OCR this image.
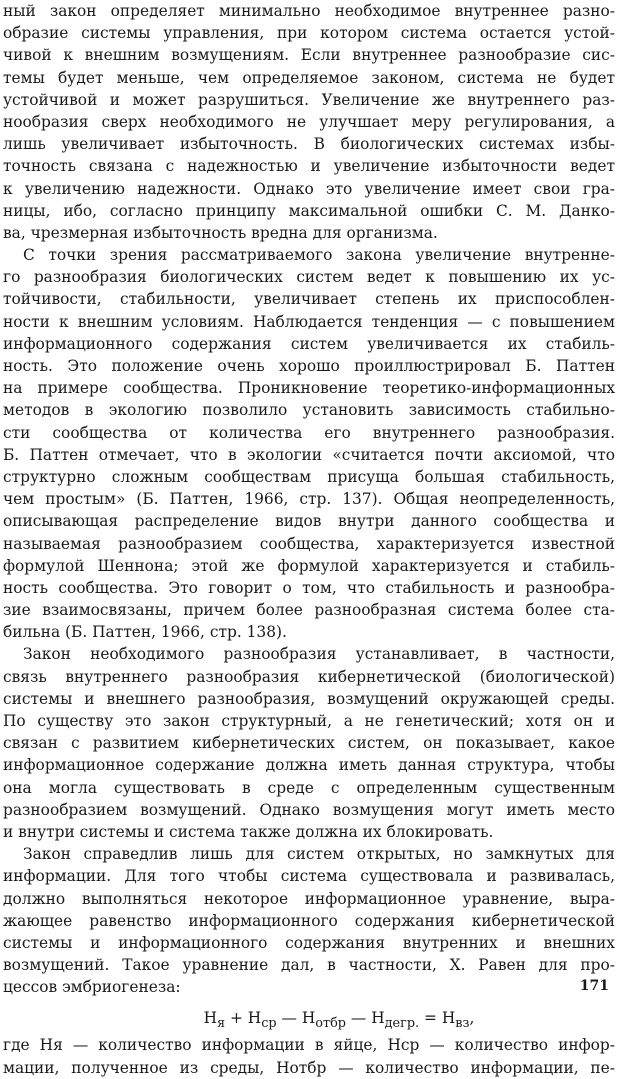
ный закон определяет минимально необходимое внутреннее разно-
образие системы управления, при котором система остается устой-
чивой к внешним возмущениям. Если внутреннее разнообразие сис-
темы будет меньше, чем определяемое законом, система не будет
устойчивой и может разрушиться. Увеличение же внутреннего раз-
нообразия сверх необходимого не улучшает меру регулирования, а
лишь увеличивает избыточность. В биологических системах избы-
точность связана с надежностью и увеличение избыточности ведет
к увеличению надежности. Однако это увеличение имеет свои гра-
ницы, ибо, согласно принципу максимальной ошибки С. М. Данко-
ва, чрезмерная избыточность вредна для организма.
С точки зрения рассматриваемого закона увеличение внутренне-
го разнообразия биологических систем ведет к повышению их ус-
тойчивости, стабильности, увеличивает степень их приспособлен-
ности к внешним условиям. Наблюдается тенденция — с повышением
информационного содержания систем увеличивается их стабиль-
ность. Это положение очень хорошо проиллюстрировал Б. Паттен
на примере сообщества. Проникновение теоретико-информационных
методов в экологию позволило установить зависимость стабильно-
сти сообщества от количества его внутреннего разнообразия.
Б. Паттен отмечает, что в экологии «считается почти аксиомой, что
структурно сложным сообществам присуща большая стабильность,
чем простым» (Б. Паттен, 1966, стр. 137). Общая неопределенность,
описывающая распределение видов внутри данного сообщества и
называемая разнообразием сообщества, характеризуется известной
формулой Шеннона; этой же формулой характеризуется и стабиль-
ность сообщества. Это говорит о том, что стабильность и разнообра-
зие взаимосвязаны, причем более разнообразная система более ста-
бильна (Б. Паттен, 1966, стр. 138).
Закон необходимого разнообразия устанавливает, в частности,
связь внутреннего разнообразия кибернетической (биологической)
системы и внешнего разнообразия, возмущений окружающей среды.
По существу это закон структурный, а не генетический; хотя он и
связан с развитием кибернетических систем, он показывает, какое
информационное содержание должна иметь данная структура, чтобы
она могла существовать в среде с определенным существенным
разнообразием возмущений. Однако возмущения могут иметь место
и внутри системы и система также должна их блокировать.
Закон справедлив лишь для систем открытых, но замкнутых для
информации. Для того чтобы система существовала и развивалась,
должно выполняться некоторое информационное уравнение, выра-
жающее равенство информационного содержания кибернетической
системы и информационного содержания внутренних и внешних
возмущений. Такое уравнение дал, в частности, Х. Равен для про-
цессов эмбриогенеза:
$H_я + H_{ср}$ — $H_{отбр}$ — $H_{дегр.} = H_{вз}$,
где Hя — количество информации в яйце, Hср — количество инфор-
мации, полученное из среды, Hотбр — количество информации, пе-
171
